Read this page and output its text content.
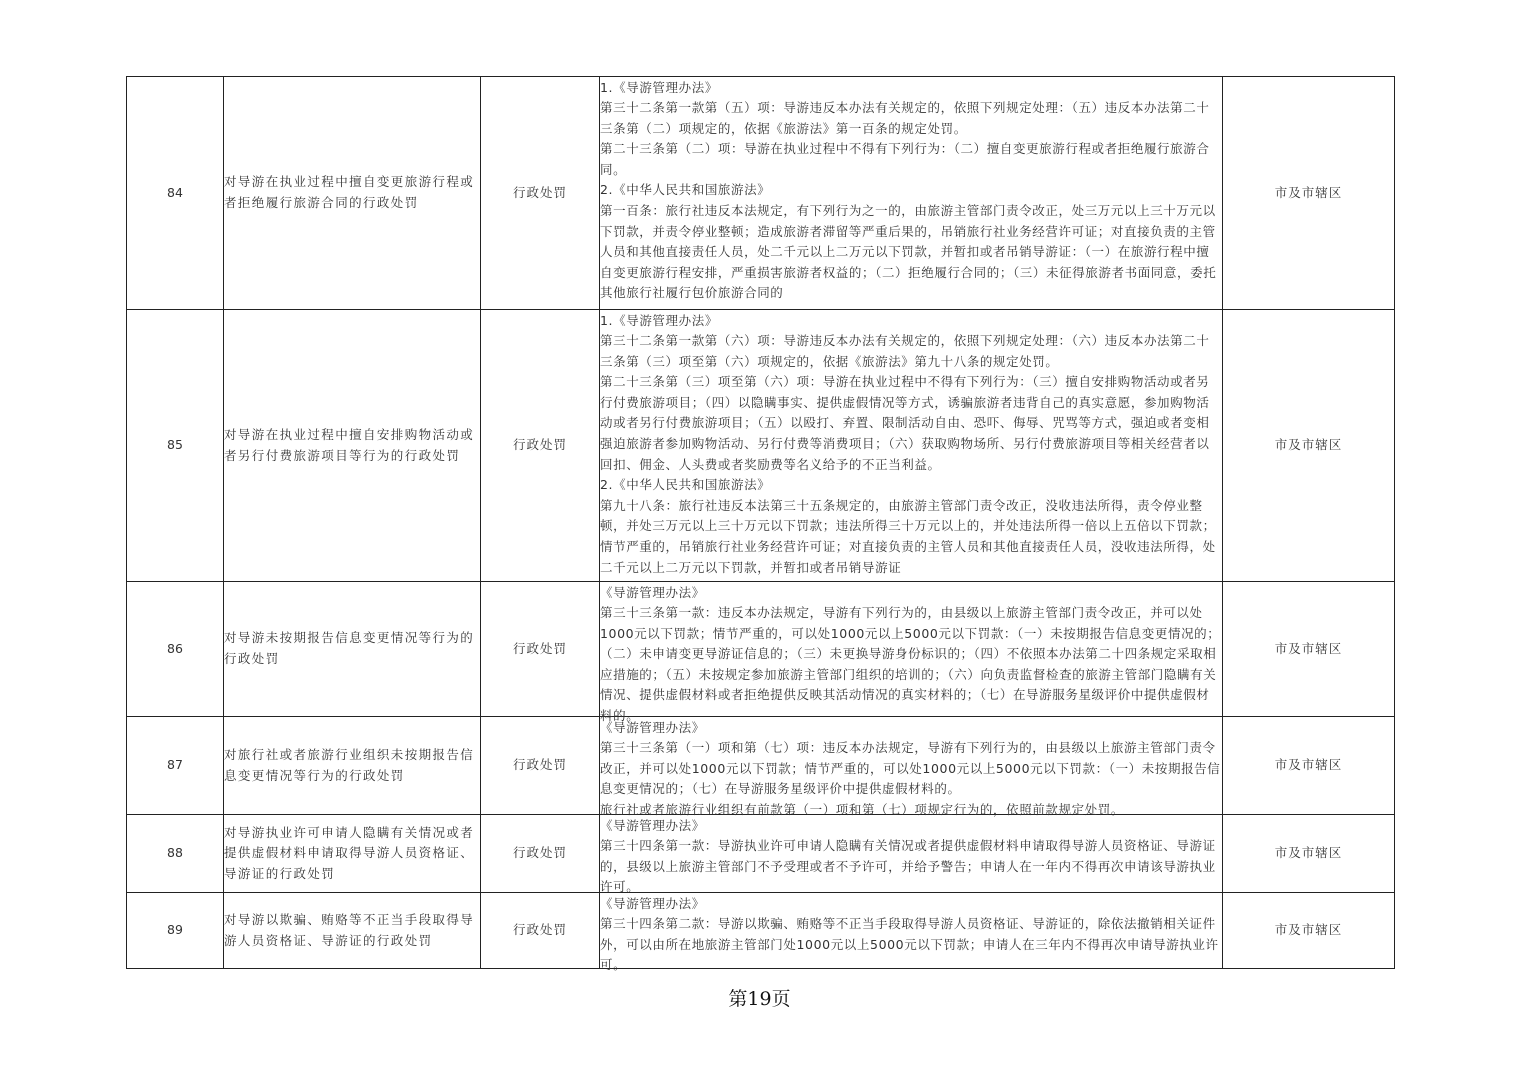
84	对导游在执业过程中擅自变更旅游行程或者拒绝履行旅游合同的行政处罚	行政处罚	1.《导游管理办法》

第三十二条第一款第（五）项：导游违反本办法有关规定的，依照下列规定处理：（五）违反本办法第二十三条第（二）项规定的，依据《旅游法》第一百条的规定处罚。

第二十三条第（二）项：导游在执业过程中不得有下列行为：（二）擅自变更旅游行程或者拒绝履行旅游合同。

2.《中华人民共和国旅游法》

第一百条：旅行社违反本法规定，有下列行为之一的，由旅游主管部门责令改正，处三万元以上三十万元以下罚款，并责令停业整顿；造成旅游者滞留等严重后果的，吊销旅行社业务经营许可证；对直接负责的主管人员和其他直接责任人员，处二千元以上二万元以下罚款，并暂扣或者吊销导游证：（一）在旅游行程中擅自变更旅游行程安排，严重损害旅游者权益的；（二）拒绝履行合同的；（三）未征得旅游者书面同意，委托其他旅行社履行包价旅游合同的	市及市辖区
85	对导游在执业过程中擅自安排购物活动或者另行付费旅游项目等行为的行政处罚	行政处罚	1.《导游管理办法》

第三十二条第一款第（六）项：导游违反本办法有关规定的，依照下列规定处理：（六）违反本办法第二十三条第（三）项至第（六）项规定的，依据《旅游法》第九十八条的规定处罚。

第二十三条第（三）项至第（六）项：导游在执业过程中不得有下列行为：（三）擅自安排购物活动或者另行付费旅游项目；（四）以隐瞒事实、提供虚假情况等方式，诱骗旅游者违背自己的真实意愿，参加购物活动或者另行付费旅游项目；（五）以殴打、弃置、限制活动自由、恐吓、侮辱、咒骂等方式，强迫或者变相强迫旅游者参加购物活动、另行付费等消费项目；（六）获取购物场所、另行付费旅游项目等相关经营者以回扣、佣金、人头费或者奖励费等名义给予的不正当利益。

2.《中华人民共和国旅游法》

第九十八条：旅行社违反本法第三十五条规定的，由旅游主管部门责令改正，没收违法所得，责令停业整顿，并处三万元以上三十万元以下罚款；违法所得三十万元以上的，并处违法所得一倍以上五倍以下罚款；情节严重的，吊销旅行社业务经营许可证；对直接负责的主管人员和其他直接责任人员，没收违法所得，处二千元以上二万元以下罚款，并暂扣或者吊销导游证	市及市辖区
86	对导游未按期报告信息变更情况等行为的行政处罚	行政处罚	《导游管理办法》

第三十三条第一款：违反本办法规定，导游有下列行为的，由县级以上旅游主管部门责令改正，并可以处1000元以下罚款；情节严重的，可以处1000元以上5000元以下罚款：（一）未按期报告信息变更情况的；（二）未申请变更导游证信息的；（三）未更换导游身份标识的；（四）不依照本办法第二十四条规定采取相应措施的；（五）未按规定参加旅游主管部门组织的培训的；（六）向负责监督检查的旅游主管部门隐瞒有关情况、提供虚假材料或者拒绝提供反映其活动情况的真实材料的；（七）在导游服务星级评价中提供虚假材料的。	市及市辖区
87	对旅行社或者旅游行业组织未按期报告信息变更情况等行为的行政处罚	行政处罚	《导游管理办法》

第三十三条第（一）项和第（七）项：违反本办法规定，导游有下列行为的，由县级以上旅游主管部门责令改正，并可以处1000元以下罚款；情节严重的，可以处1000元以上5000元以下罚款：（一）未按期报告信息变更情况的；（七）在导游服务星级评价中提供虚假材料的。

旅行社或者旅游行业组织有前款第（一）项和第（七）项规定行为的，依照前款规定处罚。	市及市辖区
88	对导游执业许可申请人隐瞒有关情况或者提供虚假材料申请取得导游人员资格证、导游证的行政处罚	行政处罚	《导游管理办法》

第三十四条第一款：导游执业许可申请人隐瞒有关情况或者提供虚假材料申请取得导游人员资格证、导游证的，县级以上旅游主管部门不予受理或者不予许可，并给予警告；申请人在一年内不得再次申请该导游执业许可。	市及市辖区
89	对导游以欺骗、贿赂等不正当手段取得导游人员资格证、导游证的行政处罚	行政处罚	《导游管理办法》

第三十四条第二款：导游以欺骗、贿赂等不正当手段取得导游人员资格证、导游证的，除依法撤销相关证件外，可以由所在地旅游主管部门处1000元以上5000元以下罚款；申请人在三年内不得再次申请导游执业许可。	市及市辖区
第19页
